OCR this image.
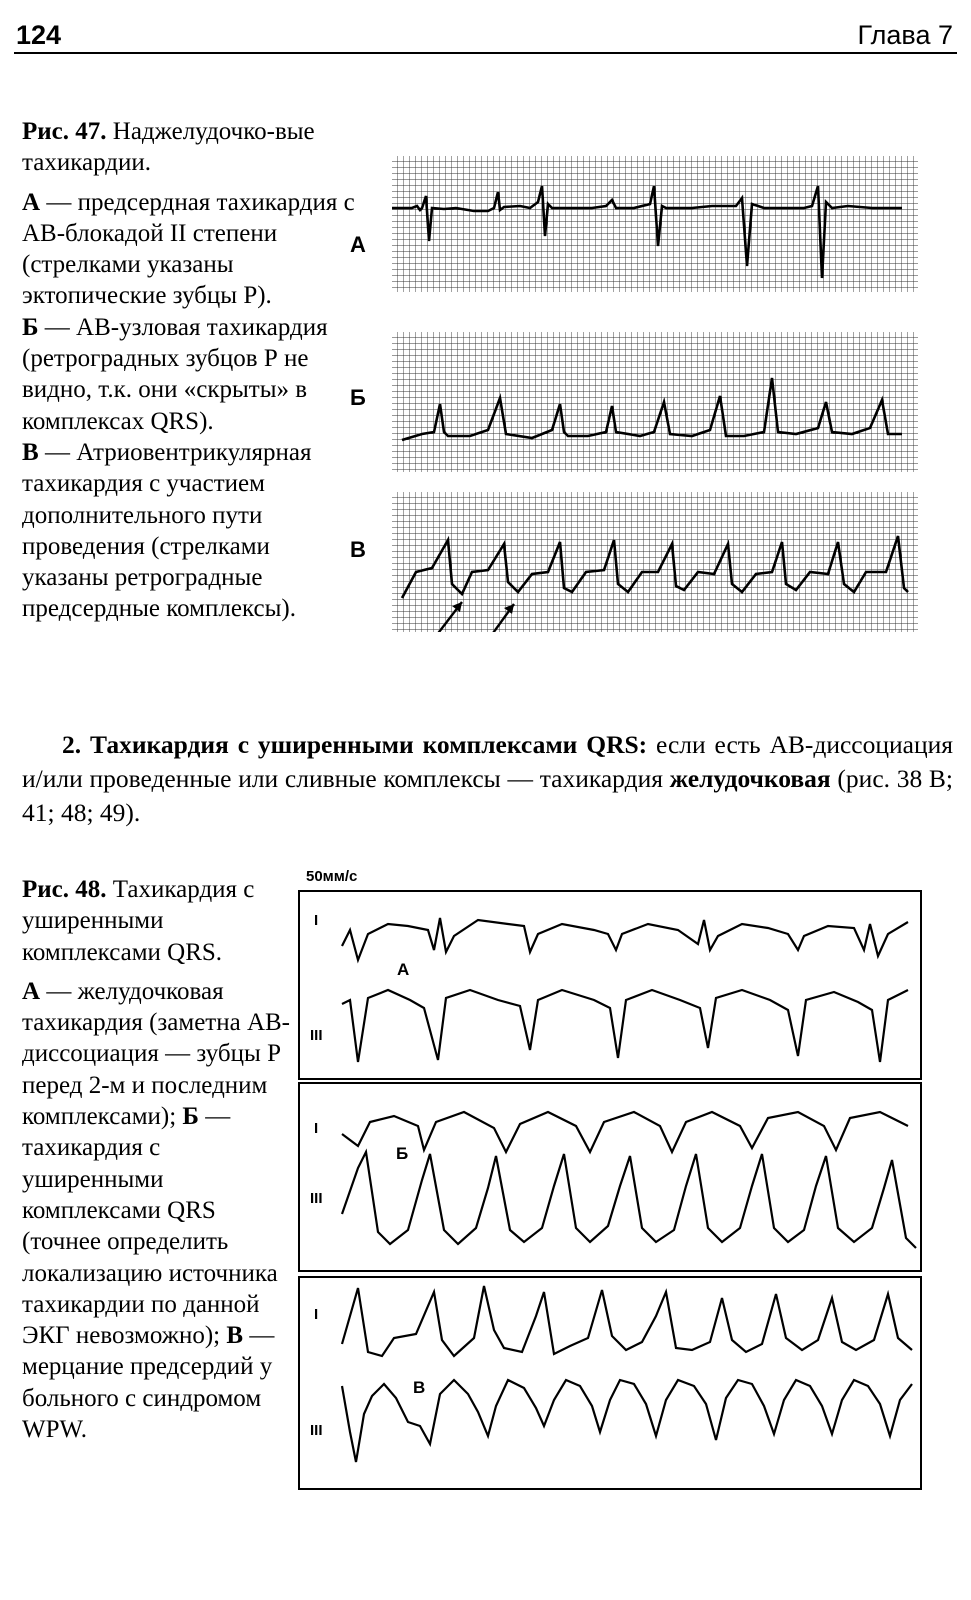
124	Глава 7

Рис. 47. Наджелудочко-вые тахикардии.

А — предсердная тахикардия с АВ-блокадой II степени (стрелками указаны эктопические зубцы Р).

Б — АВ-узловая тахикардия (ретроградных зубцов Р не видно, т.к. они «скрыты» в комплексах QRS).

В — Атриовентрикулярная тахикардия с участием дополнительного пути проведения (стрелками указаны ретроградные предсердные комплексы).

А
Б
В

2. Тахикардия с уширенными комплексами QRS: если есть АВ-диссоциация и/или проведенные или сливные комплексы — тахикардия желудочковая (рис. 38 В; 41; 48; 49).

Рис. 48. Тахикардия с уширенными комплексами QRS.

А — желудочковая тахикардия (заметна АВ-диссоциация — зубцы Р перед 2-м и последним комплексами); Б — тахикардия с уширенными комплексами QRS (точнее определить локализацию источника тахикардии по данной ЭКГ невозможно); В — мерцание предсердий у больного с синдромом WPW.

50мм/с
А
Б
В
I
III
I
III
I
III
